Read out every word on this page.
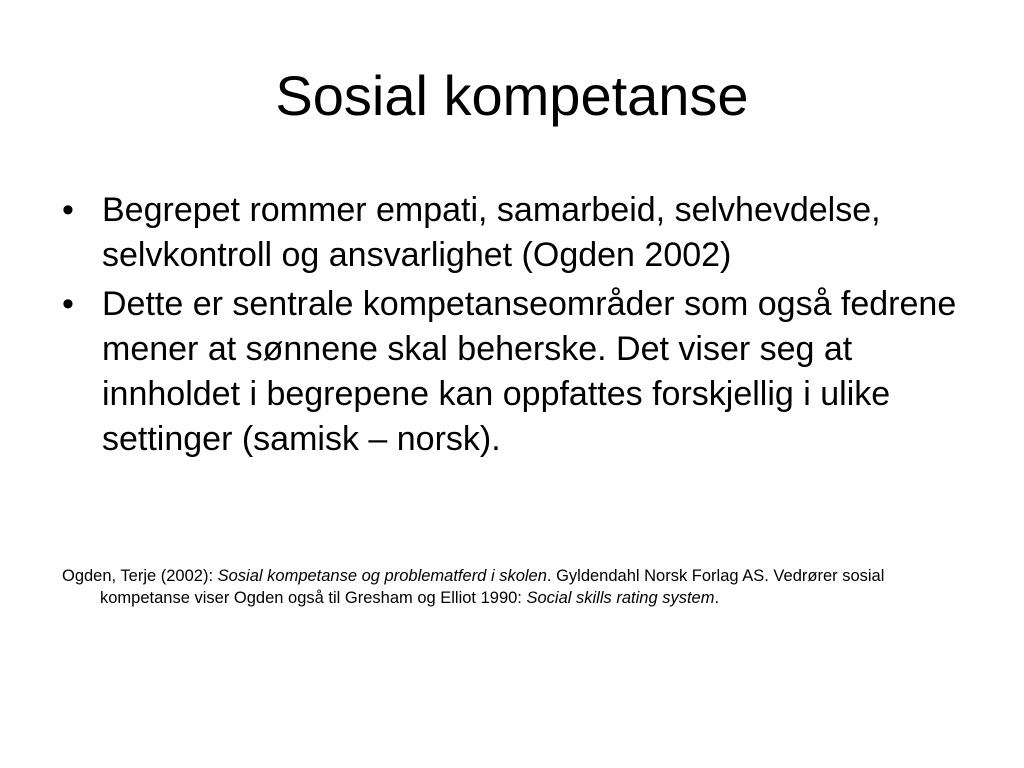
Sosial kompetanse
• Begrepet rommer empati, samarbeid, selvhevdelse, selvkontroll og ansvarlighet (Ogden 2002)
• Dette er sentrale kompetanseområder som også fedrene mener at sønnene skal beherske. Det viser seg at innholdet i begrepene kan oppfattes forskjellig i ulike settinger (samisk – norsk).

Ogden, Terje (2002): Sosial kompetanse og problematferd i skolen. Gyldendahl Norsk Forlag AS. Vedrører sosial kompetanse viser Ogden også til Gresham og Elliot 1990: Social skills rating system.
